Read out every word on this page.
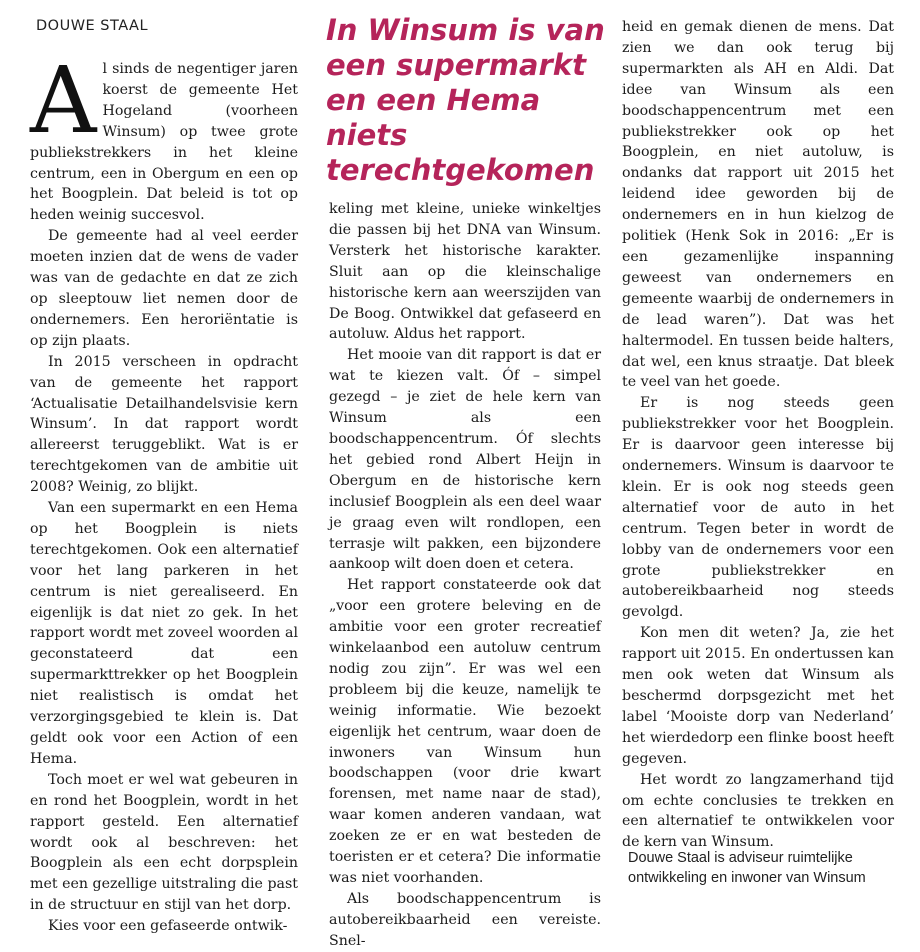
DOUWE STAAL	In Winsum is van een supermarkt en een Hema niets terechtgekomen

Al sinds de negentiger jaren koerst de gemeente Het Hogeland (voorheen Winsum) op twee grote publiekstrekkers in het kleine centrum, een in Obergum en een op het Boogplein. Dat beleid is tot op heden weinig succesvol.

De gemeente had al veel eerder moeten inzien dat de wens de vader was van de gedachte en dat ze zich op sleeptouw liet nemen door de ondernemers. Een heroriëntatie is op zijn plaats.

In 2015 verscheen in opdracht van de gemeente het rapport ‘Actualisatie Detailhandelsvisie kern Winsum’. In dat rapport wordt allereerst teruggeblikt. Wat is er terechtgekomen van de ambitie uit 2008? Weinig, zo blijkt.

Van een supermarkt en een Hema op het Boogplein is niets terechtgekomen. Ook een alternatief voor het lang parkeren in het centrum is niet gerealiseerd. En eigenlijk is dat niet zo gek. In het rapport wordt met zoveel woorden al geconstateerd dat een supermarkttrekker op het Boogplein niet realistisch is omdat het verzorgingsgebied te klein is. Dat geldt ook voor een Action of een Hema.

Toch moet er wel wat gebeuren in en rond het Boogplein, wordt in het rapport gesteld. Een alternatief wordt ook al beschreven: het Boogplein als een echt dorpsplein met een gezellige uitstraling die past in de structuur en stijl van het dorp.

Kies voor een gefaseerde ontwik-

keling met kleine, unieke winkeltjes die passen bij het DNA van Winsum. Versterk het historische karakter. Sluit aan op die kleinschalige historische kern aan weerszijden van De Boog. Ontwikkel dat gefaseerd en autoluw. Aldus het rapport.

Het mooie van dit rapport is dat er wat te kiezen valt. Óf – simpel gezegd – je ziet de hele kern van Winsum als een boodschappencentrum. Óf slechts het gebied rond Albert Heijn in Obergum en de historische kern inclusief Boogplein als een deel waar je graag even wilt rondlopen, een terrasje wilt pakken, een bijzondere aankoop wilt doen doen et cetera.

Het rapport constateerde ook dat „voor een grotere beleving en de ambitie voor een groter recreatief winkelaanbod een autoluw centrum nodig zou zijn”. Er was wel een probleem bij die keuze, namelijk te weinig informatie. Wie bezoekt eigenlijk het centrum, waar doen de inwoners van Winsum hun boodschappen (voor drie kwart forensen, met name naar de stad), waar komen anderen vandaan, wat zoeken ze er en wat besteden de toeristen er et cetera? Die informatie was niet voorhanden.

Als boodschappencentrum is autobereikbaarheid een vereiste. Snel-

heid en gemak dienen de mens. Dat zien we dan ook terug bij supermarkten als AH en Aldi. Dat idee van Winsum als een boodschappencentrum met een publiekstrekker ook op het Boogplein, en niet autoluw, is ondanks dat rapport uit 2015 het leidend idee geworden bij de ondernemers en in hun kielzog de politiek (Henk Sok in 2016: „Er is een gezamenlijke inspanning geweest van ondernemers en gemeente waarbij de ondernemers in de lead waren”). Dat was het haltermodel. En tussen beide halters, dat wel, een knus straatje. Dat bleek te veel van het goede.

Er is nog steeds geen publiekstrekker voor het Boogplein. Er is daarvoor geen interesse bij ondernemers. Winsum is daarvoor te klein. Er is ook nog steeds geen alternatief voor de auto in het centrum. Tegen beter in wordt de lobby van de ondernemers voor een grote publiekstrekker en autobereikbaarheid nog steeds gevolgd.

Kon men dit weten? Ja, zie het rapport uit 2015. En ondertussen kan men ook weten dat Winsum als beschermd dorpsgezicht met het label ‘Mooiste dorp van Nederland’ het wierdedorp een flinke boost heeft gegeven.

Het wordt zo langzamerhand tijd om echte conclusies te trekken en een alternatief te ontwikkelen voor de kern van Winsum.

Douwe Staal is adviseur ruimtelijke ontwikkeling en inwoner van Winsum
